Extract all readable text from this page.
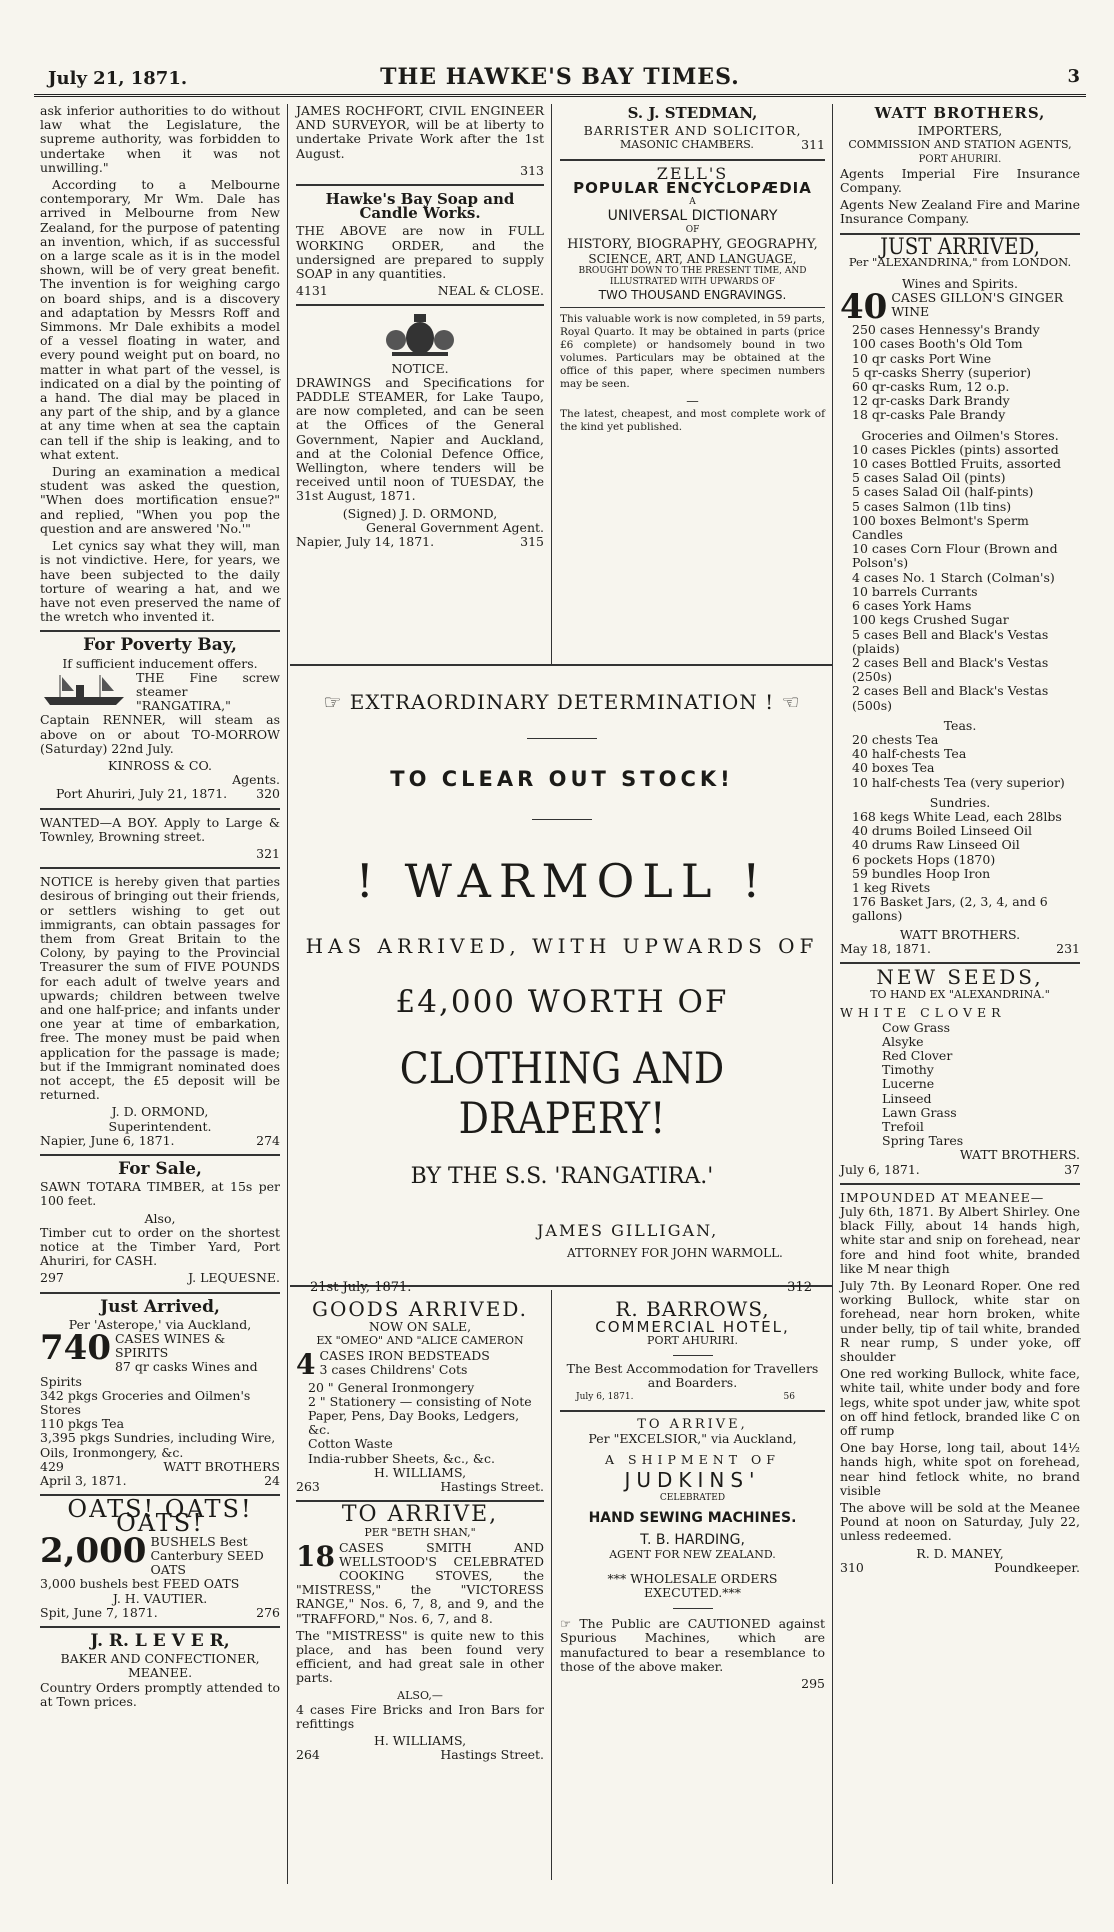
July 21, 1871.	THE HAWKE'S BAY TIMES.	3

ask inferior authorities to do without law what the Legislature, the supreme authority, was forbidden to undertake when it was not unwilling."

According to a Melbourne contemporary, Mr Wm. Dale has arrived in Melbourne from New Zealand, for the purpose of patenting an invention, which, if as successful on a large scale as it is in the model shown, will be of very great benefit. The invention is for weighing cargo on board ships, and is a discovery and adaptation by Messrs Roff and Simmons. Mr Dale exhibits a model of a vessel floating in water, and every pound weight put on board, no matter in what part of the vessel, is indicated on a dial by the pointing of a hand. The dial may be placed in any part of the ship, and by a glance at any time when at sea the captain can tell if the ship is leaking, and to what extent.

During an examination a medical student was asked the question, "When does mortification ensue?" and replied, "When you pop the question and are answered 'No.'"

Let cynics say what they will, man is not vindictive. Here, for years, we have been subjected to the daily torture of wearing a hat, and we have not even preserved the name of the wretch who invented it.

For Poverty Bay,
If sufficient inducement offers.

THE Fine screw steamer "RANGATIRA," Captain RENNER, will steam as above on or about TO-MORROW (Saturday) 22nd July.

KINROSS & CO.
Agents.
Port Ahuriri, July 21, 1871. 320

WANTED—A BOY. Apply to Large & Townley, Browning street.

321

NOTICE is hereby given that parties desirous of bringing out their friends, or settlers wishing to get out immigrants, can obtain passages for them from Great Britain to the Colony, by paying to the Provincial Treasurer the sum of FIVE POUNDS for each adult of twelve years and upwards; children between twelve and one half-price; and infants under one year at time of embarkation, free. The money must be paid when application for the passage is made; but if the Immigrant nominated does not accept, the £5 deposit will be returned.

J. D. ORMOND,
Superintendent.
Napier, June 6, 1871.	274
For Sale,

SAWN TOTARA TIMBER, at 15s per 100 feet.

Also,

Timber cut to order on the shortest notice at the Timber Yard, Port Ahuriri, for CASH.

297	J. LEQUESNE.
Just Arrived,
Per 'Asterope,' via Auckland,
740 CASES WINES & SPIRITS
87 qr casks Wines and Spirits
342 pkgs Groceries and Oilmen's Stores
110 pkgs Tea
3,395 pkgs Sundries, including Wire, Oils, Ironmongery, &c.
429	WATT BROTHERS
April 3, 1871.	24
OATS! OATS! OATS!
2,000 BUSHELS Best Canterbury SEED OATS
3,000 bushels best FEED OATS
J. H. VAUTIER.
Spit, June 7, 1871.	276
J. R. L E V E R,
BAKER AND CONFECTIONER,
MEANEE.

Country Orders promptly attended to at Town prices.

JAMES ROCHFORT, CIVIL ENGINEER AND SURVEYOR, will be at liberty to undertake Private Work after the 1st August.

313
Hawke's Bay Soap and Candle Works.

THE ABOVE are now in FULL WORKING ORDER, and the undersigned are prepared to supply SOAP in any quantities.

4131	NEAL & CLOSE.
NOTICE.

DRAWINGS and Specifications for PADDLE STEAMER, for Lake Taupo, are now completed, and can be seen at the Offices of the General Government, Napier and Auckland, and at the Colonial Defence Office, Wellington, where tenders will be received until noon of TUESDAY, the 31st August, 1871.

(Signed) J. D. ORMOND,
General Government Agent.
Napier, July 14, 1871.	315
S. J. STEDMAN,
BARRISTER AND SOLICITOR,
MASONIC CHAMBERS.	311
ZELL'S
POPULAR ENCYCLOPÆDIA
A
UNIVERSAL DICTIONARY
OF
HISTORY, BIOGRAPHY, GEOGRAPHY,
SCIENCE, ART, AND LANGUAGE,
BROUGHT DOWN TO THE PRESENT TIME, AND ILLUSTRATED WITH UPWARDS OF
TWO THOUSAND ENGRAVINGS.

This valuable work is now completed, in 59 parts, Royal Quarto. It may be obtained in parts (price £6 complete) or handsomely bound in two volumes. Particulars may be obtained at the office of this paper, where specimen numbers may be seen.

—

The latest, cheapest, and most complete work of the kind yet published.

☞ EXTRAORDINARY DETERMINATION ! ☜
TO CLEAR OUT STOCK!
! WARMOLL !
HAS ARRIVED, WITH UPWARDS OF
£4,000 WORTH OF
CLOTHING AND DRAPERY!
BY THE S.S. 'RANGATIRA.'
JAMES GILLIGAN,
ATTORNEY FOR JOHN WARMOLL.
21st July, 1871.	312
GOODS ARRIVED.
NOW ON SALE,
EX "OMEO" AND "ALICE CAMERON
4 CASES IRON BEDSTEADS
3 cases Childrens' Cots
20 " General Ironmongery
2 " Stationery — consisting of Note Paper, Pens, Day Books, Ledgers, &c.
Cotton Waste
India-rubber Sheets, &c., &c.
H. WILLIAMS,
263	Hastings Street.
TO ARRIVE,
PER "BETH SHAN,"
18 CASES SMITH AND WELLSTOOD'S CELEBRATED COOKING STOVES, the "MISTRESS," the "VICTORESS RANGE," Nos. 6, 7, 8, and 9, and the "TRAFFORD," Nos. 6, 7, and 8.

The "MISTRESS" is quite new to this place, and has been found very efficient, and had great sale in other parts.

ALSO,—

4 cases Fire Bricks and Iron Bars for refittings

H. WILLIAMS,
264	Hastings Street.
R. BARROWS,
COMMERCIAL HOTEL,
PORT AHURIRI.
The Best Accommodation for Travellers and Boarders.
July 6, 1871.	56
TO ARRIVE,
Per "EXCELSIOR," via Auckland,
A SHIPMENT OF
JUDKINS'
CELEBRATED
HAND SEWING MACHINES.
T. B. HARDING,
AGENT FOR NEW ZEALAND.
*** WHOLESALE ORDERS EXECUTED.***

☞ The Public are CAUTIONED against Spurious Machines, which are manufactured to bear a resemblance to those of the above maker.

295
WATT BROTHERS,
IMPORTERS,
COMMISSION AND STATION AGENTS,
PORT AHURIRI.

Agents Imperial Fire Insurance Company.

Agents New Zealand Fire and Marine Insurance Company.

JUST ARRIVED,
Per "ALEXANDRINA," from LONDON.
Wines and Spirits.
40 CASES GILLON'S GINGER WINE
250 cases Hennessy's Brandy
100 cases Booth's Old Tom
10 qr casks Port Wine
5 qr-casks Sherry (superior)
60 qr-casks Rum, 12 o.p.
12 qr-casks Dark Brandy
18 qr-casks Pale Brandy
Groceries and Oilmen's Stores.
10 cases Pickles (pints) assorted
10 cases Bottled Fruits, assorted
5 cases Salad Oil (pints)
5 cases Salad Oil (half-pints)
5 cases Salmon (1lb tins)
100 boxes Belmont's Sperm Candles
10 cases Corn Flour (Brown and Polson's)
4 cases No. 1 Starch (Colman's)
10 barrels Currants
6 cases York Hams
100 kegs Crushed Sugar
5 cases Bell and Black's Vestas (plaids)
2 cases Bell and Black's Vestas (250s)
2 cases Bell and Black's Vestas (500s)
Teas.
20 chests Tea
40 half-chests Tea
40 boxes Tea
10 half-chests Tea (very superior)
Sundries.
168 kegs White Lead, each 28lbs
40 drums Boiled Linseed Oil
40 drums Raw Linseed Oil
6 pockets Hops (1870)
59 bundles Hoop Iron
1 keg Rivets
176 Basket Jars, (2, 3, 4, and 6 gallons)
WATT BROTHERS.
May 18, 1871.	231
NEW SEEDS,
TO HAND EX "ALEXANDRINA."
WHITE CLOVER
Cow Grass
Alsyke
Red Clover
Timothy
Lucerne
Linseed
Lawn Grass
Trefoil
Spring Tares
WATT BROTHERS.
July 6, 1871.	37
IMPOUNDED AT MEANEE—

July 6th, 1871. By Albert Shirley. One black Filly, about 14 hands high, white star and snip on forehead, near fore and hind foot white, branded like M near thigh

July 7th. By Leonard Roper. One red working Bullock, white star on forehead, near horn broken, white under belly, tip of tail white, branded R near rump, S under yoke, off shoulder

One red working Bullock, white face, white tail, white under body and fore legs, white spot under jaw, white spot on off hind fetlock, branded like C on off rump

One bay Horse, long tail, about 14½ hands high, white spot on forehead, near hind fetlock white, no brand visible

The above will be sold at the Meanee Pound at noon on Saturday, July 22, unless redeemed.

R. D. MANEY,
310	Poundkeeper.
